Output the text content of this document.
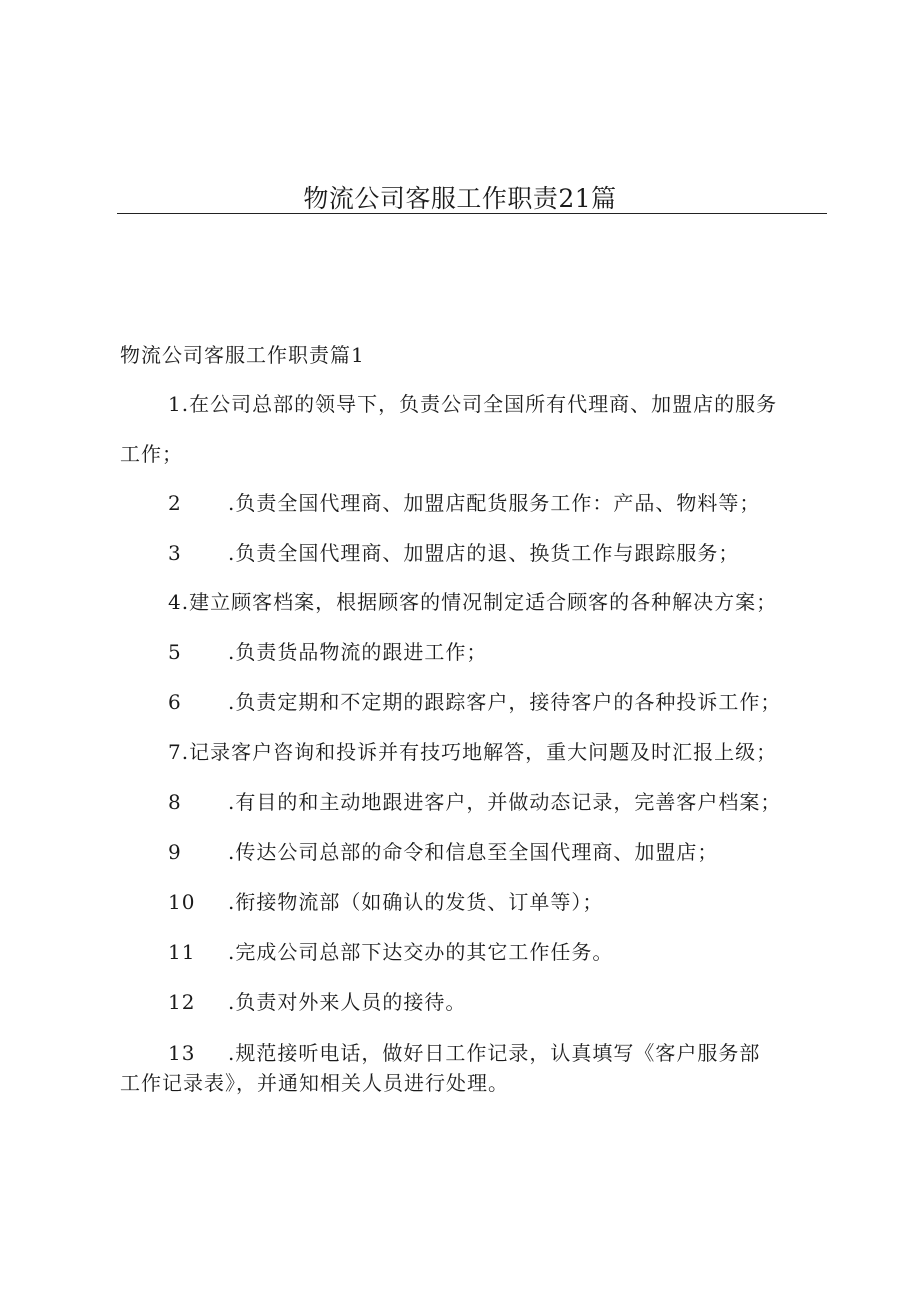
物流公司客服工作职责21篇
物流公司客服工作职责篇1
1.在公司总部的领导下，负责公司全国所有代理商、加盟店的服务
工作；
2 .负责全国代理商、加盟店配货服务工作：产品、物料等；
3 .负责全国代理商、加盟店的退、换货工作与跟踪服务；
4.建立顾客档案，根据顾客的情况制定适合顾客的各种解决方案；
5 .负责货品物流的跟进工作；
6 .负责定期和不定期的跟踪客户，接待客户的各种投诉工作；
7.记录客户咨询和投诉并有技巧地解答，重大问题及时汇报上级；
8 .有目的和主动地跟进客户，并做动态记录，完善客户档案；
9 .传达公司总部的命令和信息至全国代理商、加盟店；
10 .衔接物流部（如确认的发货、订单等）；
11 .完成公司总部下达交办的其它工作任务。
12 .负责对外来人员的接待。
13 .规范接听电话，做好日工作记录，认真填写《客户服务部
工作记录表》，并通知相关人员进行处理。
